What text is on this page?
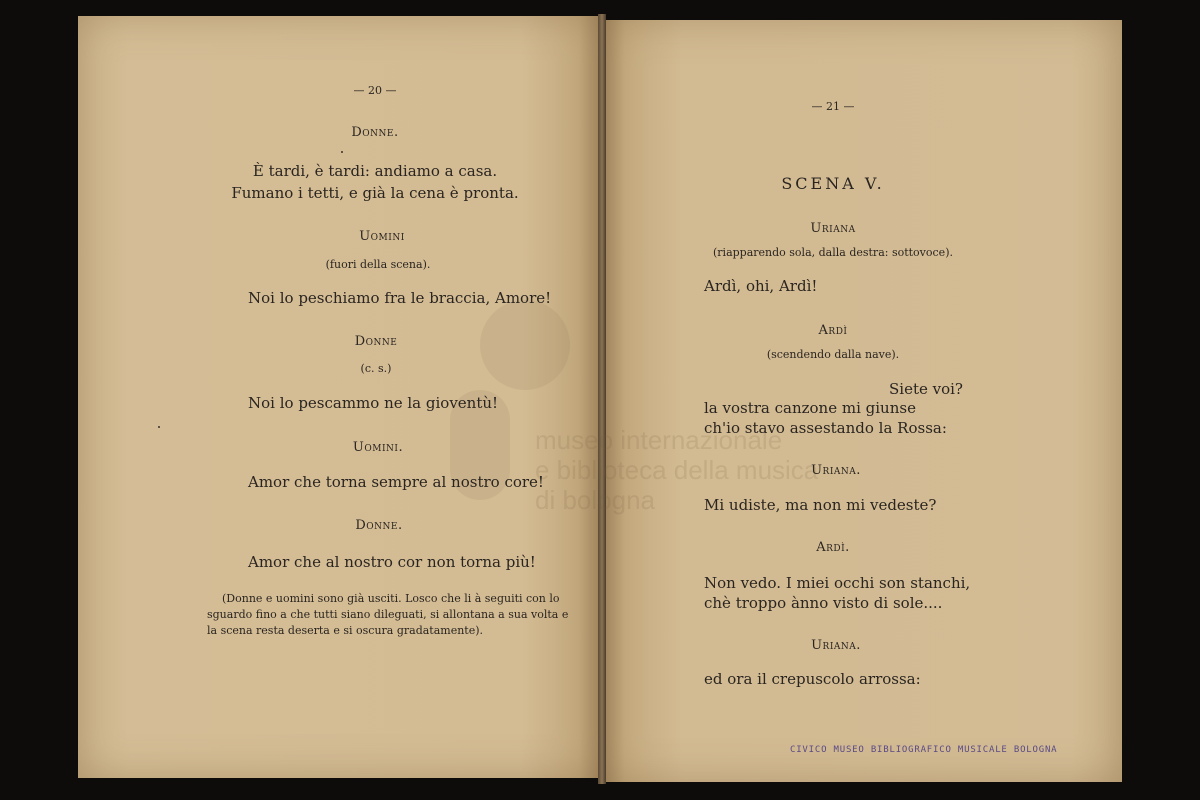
museo internazionale
e biblioteca della musica
di bologna
— 20 —
Donne.
È tardi, è tardi: andiamo a casa.
Fumano i tetti, e già la cena è pronta.
Uomini
(fuori della scena).
Noi lo peschiamo fra le braccia, Amore!
Donne
(c. s.)
Noi lo pescammo ne la gioventù!
Uomini.
Amor che torna sempre al nostro core!
Donne.
Amor che al nostro cor non torna più!
(Donne e uomini sono già usciti. Losco che li à seguiti con lo
sguardo fino a che tutti siano dileguati, si allontana a sua volta e
la scena resta deserta e si oscura gradatamente).
— 21 —
SCENA V.
Uriana
(riapparendo sola, dalla destra: sottovoce).
Ardì, ohi, Ardì!
Ardì
(scendendo dalla nave).
Siete voi?
la vostra canzone mi giunse
ch'io stavo assestando la Rossa:
Uriana.
Mi udiste, ma non mi vedeste?
Ardì.
Non vedo. I miei occhi son stanchi,
chè troppo ànno visto di sole....
Uriana.
ed ora il crepuscolo arrossa:
CIVICO MUSEO BIBLIOGRAFICO MUSICALE BOLOGNA
